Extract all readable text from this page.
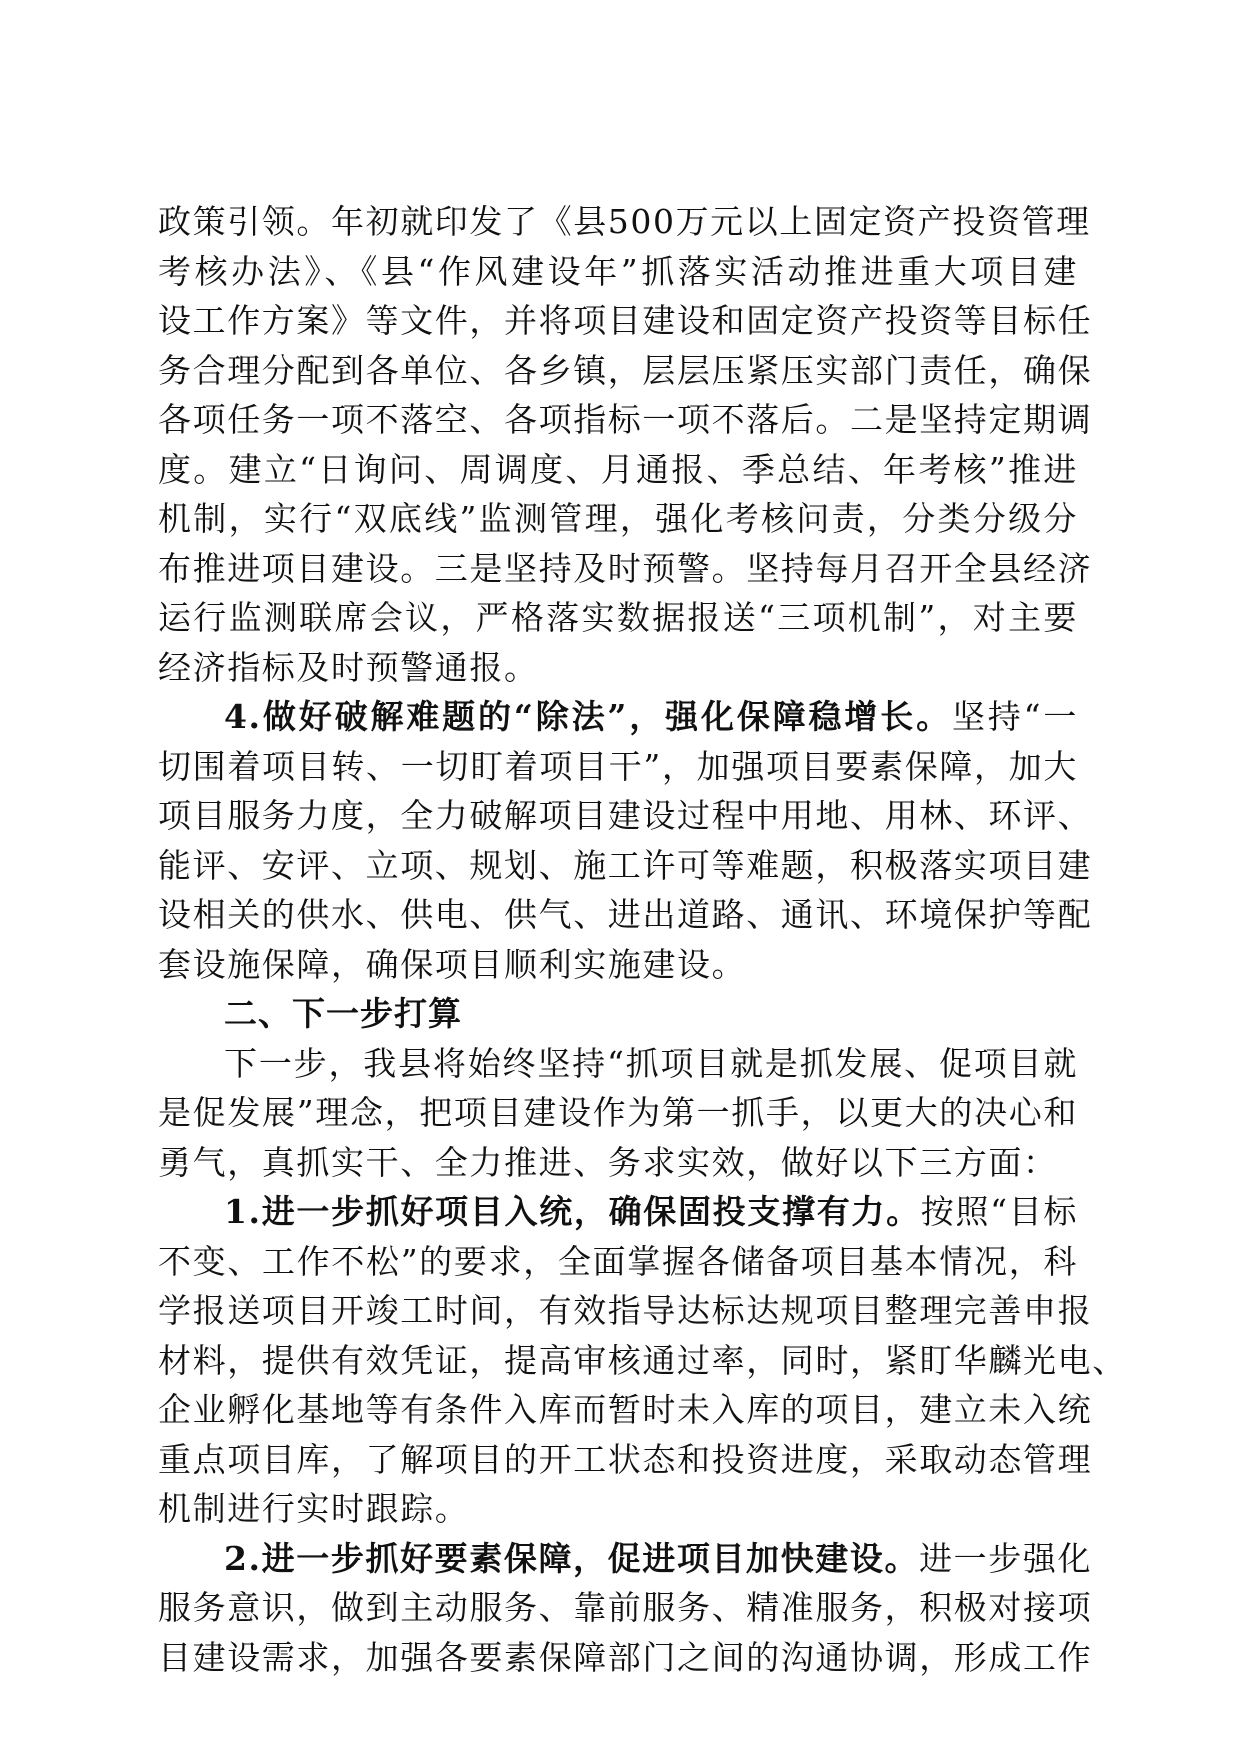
政策引领。年初就印发了《县500万元以上固定资产投资管理
考核办法》、《县“作风建设年”抓落实活动推进重大项目建
设工作方案》等文件，并将项目建设和固定资产投资等目标任
务合理分配到各单位、各乡镇，层层压紧压实部门责任，确保
各项任务一项不落空、各项指标一项不落后。二是坚持定期调
度。建立“日询问、周调度、月通报、季总结、年考核”推进
机制，实行“双底线”监测管理，强化考核问责，分类分级分
布推进项目建设。三是坚持及时预警。坚持每月召开全县经济
运行监测联席会议，严格落实数据报送“三项机制”，对主要
经济指标及时预警通报。
4.做好破解难题的“除法”，强化保障稳增长。坚持“一
切围着项目转、一切盯着项目干”，加强项目要素保障，加大
项目服务力度，全力破解项目建设过程中用地、用林、环评、
能评、安评、立项、规划、施工许可等难题，积极落实项目建
设相关的供水、供电、供气、进出道路、通讯、环境保护等配
套设施保障，确保项目顺利实施建设。
二、下一步打算
下一步，我县将始终坚持“抓项目就是抓发展、促项目就
是促发展”理念，把项目建设作为第一抓手，以更大的决心和
勇气，真抓实干、全力推进、务求实效，做好以下三方面：
1.进一步抓好项目入统，确保固投支撑有力。按照“目标
不变、工作不松”的要求，全面掌握各储备项目基本情况，科
学报送项目开竣工时间，有效指导达标达规项目整理完善申报
材料，提供有效凭证，提高审核通过率，同时，紧盯华麟光电、
企业孵化基地等有条件入库而暂时未入库的项目，建立未入统
重点项目库，了解项目的开工状态和投资进度，采取动态管理
机制进行实时跟踪。
2.进一步抓好要素保障，促进项目加快建设。进一步强化
服务意识，做到主动服务、靠前服务、精准服务，积极对接项
目建设需求，加强各要素保障部门之间的沟通协调，形成工作
